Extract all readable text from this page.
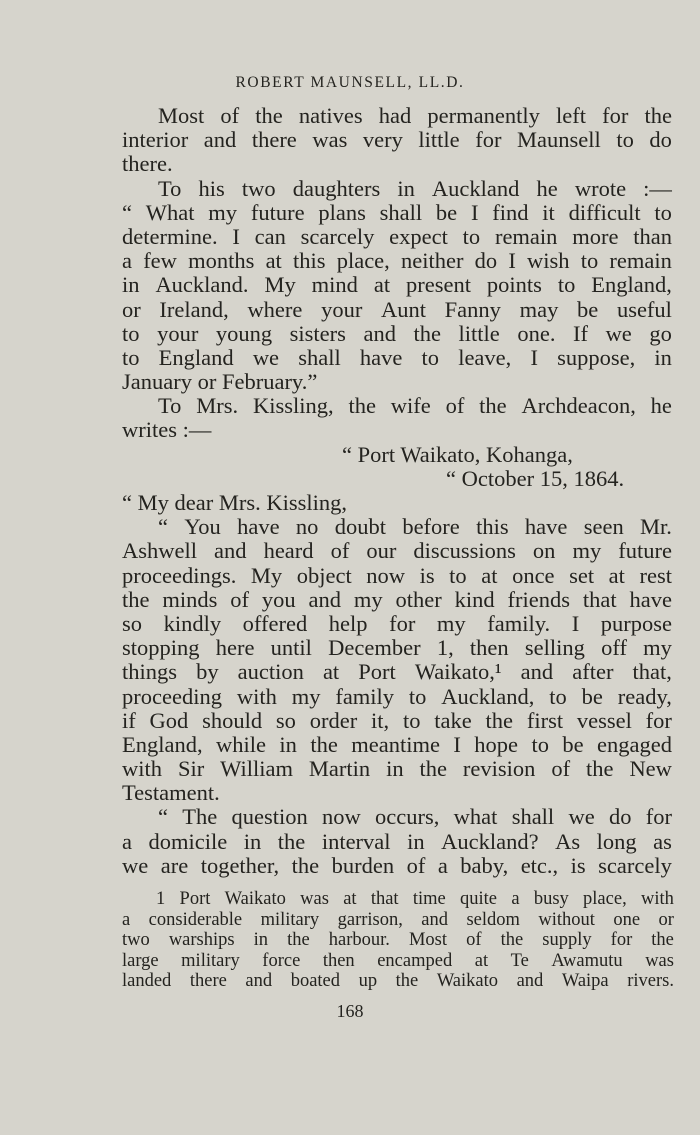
ROBERT MAUNSELL, LL.D.
Most of the natives had permanently left for the
interior and there was very little for Maunsell to do
there.
To his two daughters in Auckland he wrote :—
“ What my future plans shall be I find it difficult to
determine. I can scarcely expect to remain more than
a few months at this place, neither do I wish to remain
in Auckland. My mind at present points to England,
or Ireland, where your Aunt Fanny may be useful
to your young sisters and the little one. If we go
to England we shall have to leave, I suppose, in
January or February.”
To Mrs. Kissling, the wife of the Archdeacon, he
writes :—
“ Port Waikato, Kohanga,
“ October 15, 1864.
“ My dear Mrs. Kissling,
“ You have no doubt before this have seen Mr.
Ashwell and heard of our discussions on my future
proceedings. My object now is to at once set at rest
the minds of you and my other kind friends that have
so kindly offered help for my family. I purpose
stopping here until December 1, then selling off my
things by auction at Port Waikato,¹ and after that,
proceeding with my family to Auckland, to be ready,
if God should so order it, to take the first vessel for
England, while in the meantime I hope to be engaged
with Sir William Martin in the revision of the New
Testament.
“ The question now occurs, what shall we do for
a domicile in the interval in Auckland? As long as
we are together, the burden of a baby, etc., is scarcely
1 Port Waikato was at that time quite a busy place, with
a considerable military garrison, and seldom without one or
two warships in the harbour. Most of the supply for the
large military force then encamped at Te Awamutu was
landed there and boated up the Waikato and Waipa rivers.
168
